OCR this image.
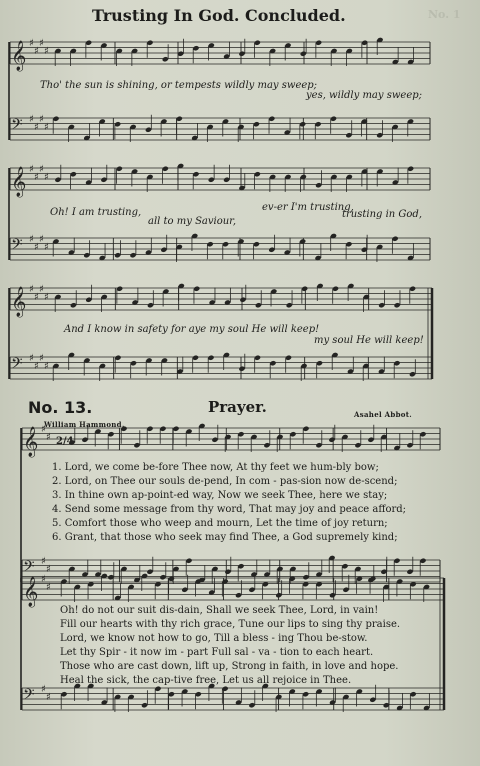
𝄞 ♯
♯
♯
♯
𝄢 ♯
♯
♯
♯
𝄞 ♯
♯
♯
♯
𝄢 ♯
♯
♯
♯
𝄞 ♯
♯
♯
♯
𝄢 ♯
♯
♯
♯
𝄞 ♯
♯ 2/4
𝄢 ♯
♯
𝄞 ♯
♯
𝄢 ♯
♯
No. 1
Trusting In God. Concluded.
Tho' the sun is shining, or tempests wildly may sweep;
yes, wildly may sweep;
Oh! I am trusting,
all to my Saviour,
ev-er I'm trusting,
trusting in God,
And I know in safety for aye my soul He will keep!
my soul He will keep!
No. 13.	Prayer.
William Hammond.
Asahel Abbot.
1. Lord, we come be-fore Thee now, At thy feet we hum-bly bow;
2. Lord, on Thee our souls de-pend, In com - pas-sion now de-scend;
3. In thine own ap-point-ed way, Now we seek Thee, here we stay;
4. Send some message from thy word, That may joy and peace afford;
5. Comfort those who weep and mourn, Let the time of joy return;
6. Grant, that those who seek may find Thee, a God supremely kind;
Oh! do not our suit dis-dain, Shall we seek Thee, Lord, in vain!
Fill our hearts with thy rich grace, Tune our lips to sing thy praise.
Lord, we know not how to go, Till a bless - ing Thou be-stow.
Let thy Spir - it now im - part Full sal - va - tion to each heart.
Those who are cast down, lift up, Strong in faith, in love and hope.
Heal the sick, the cap-tive free, Let us all rejoice in Thee.
